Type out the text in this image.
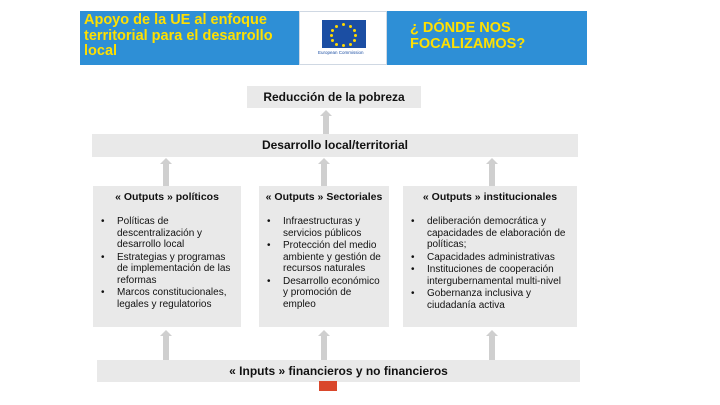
Apoyo de la UE al enfoque territorial para el desarrollo local	European Commission
¿ DÓNDE NOS FOCALIZAMOS?
Reducción de la pobreza
Desarrollo local/territorial
« Outputs » políticos
• Políticas de descentralización y desarrollo local
• Estrategias y programas de implementación de las reformas
• Marcos constitucionales, legales y regulatorios
« Outputs » Sectoriales
• Infraestructuras y servicios públicos
• Protección del medio ambiente y gestión de recursos naturales
• Desarrollo económico y promoción de empleo
« Outputs » institucionales
• deliberación democrática y capacidades de elaboración de políticas;
• Capacidades administrativas
• Instituciones de cooperación intergubernamental multi-nivel
• Gobernanza inclusiva y ciudadanía activa
« Inputs » financieros y no financieros
